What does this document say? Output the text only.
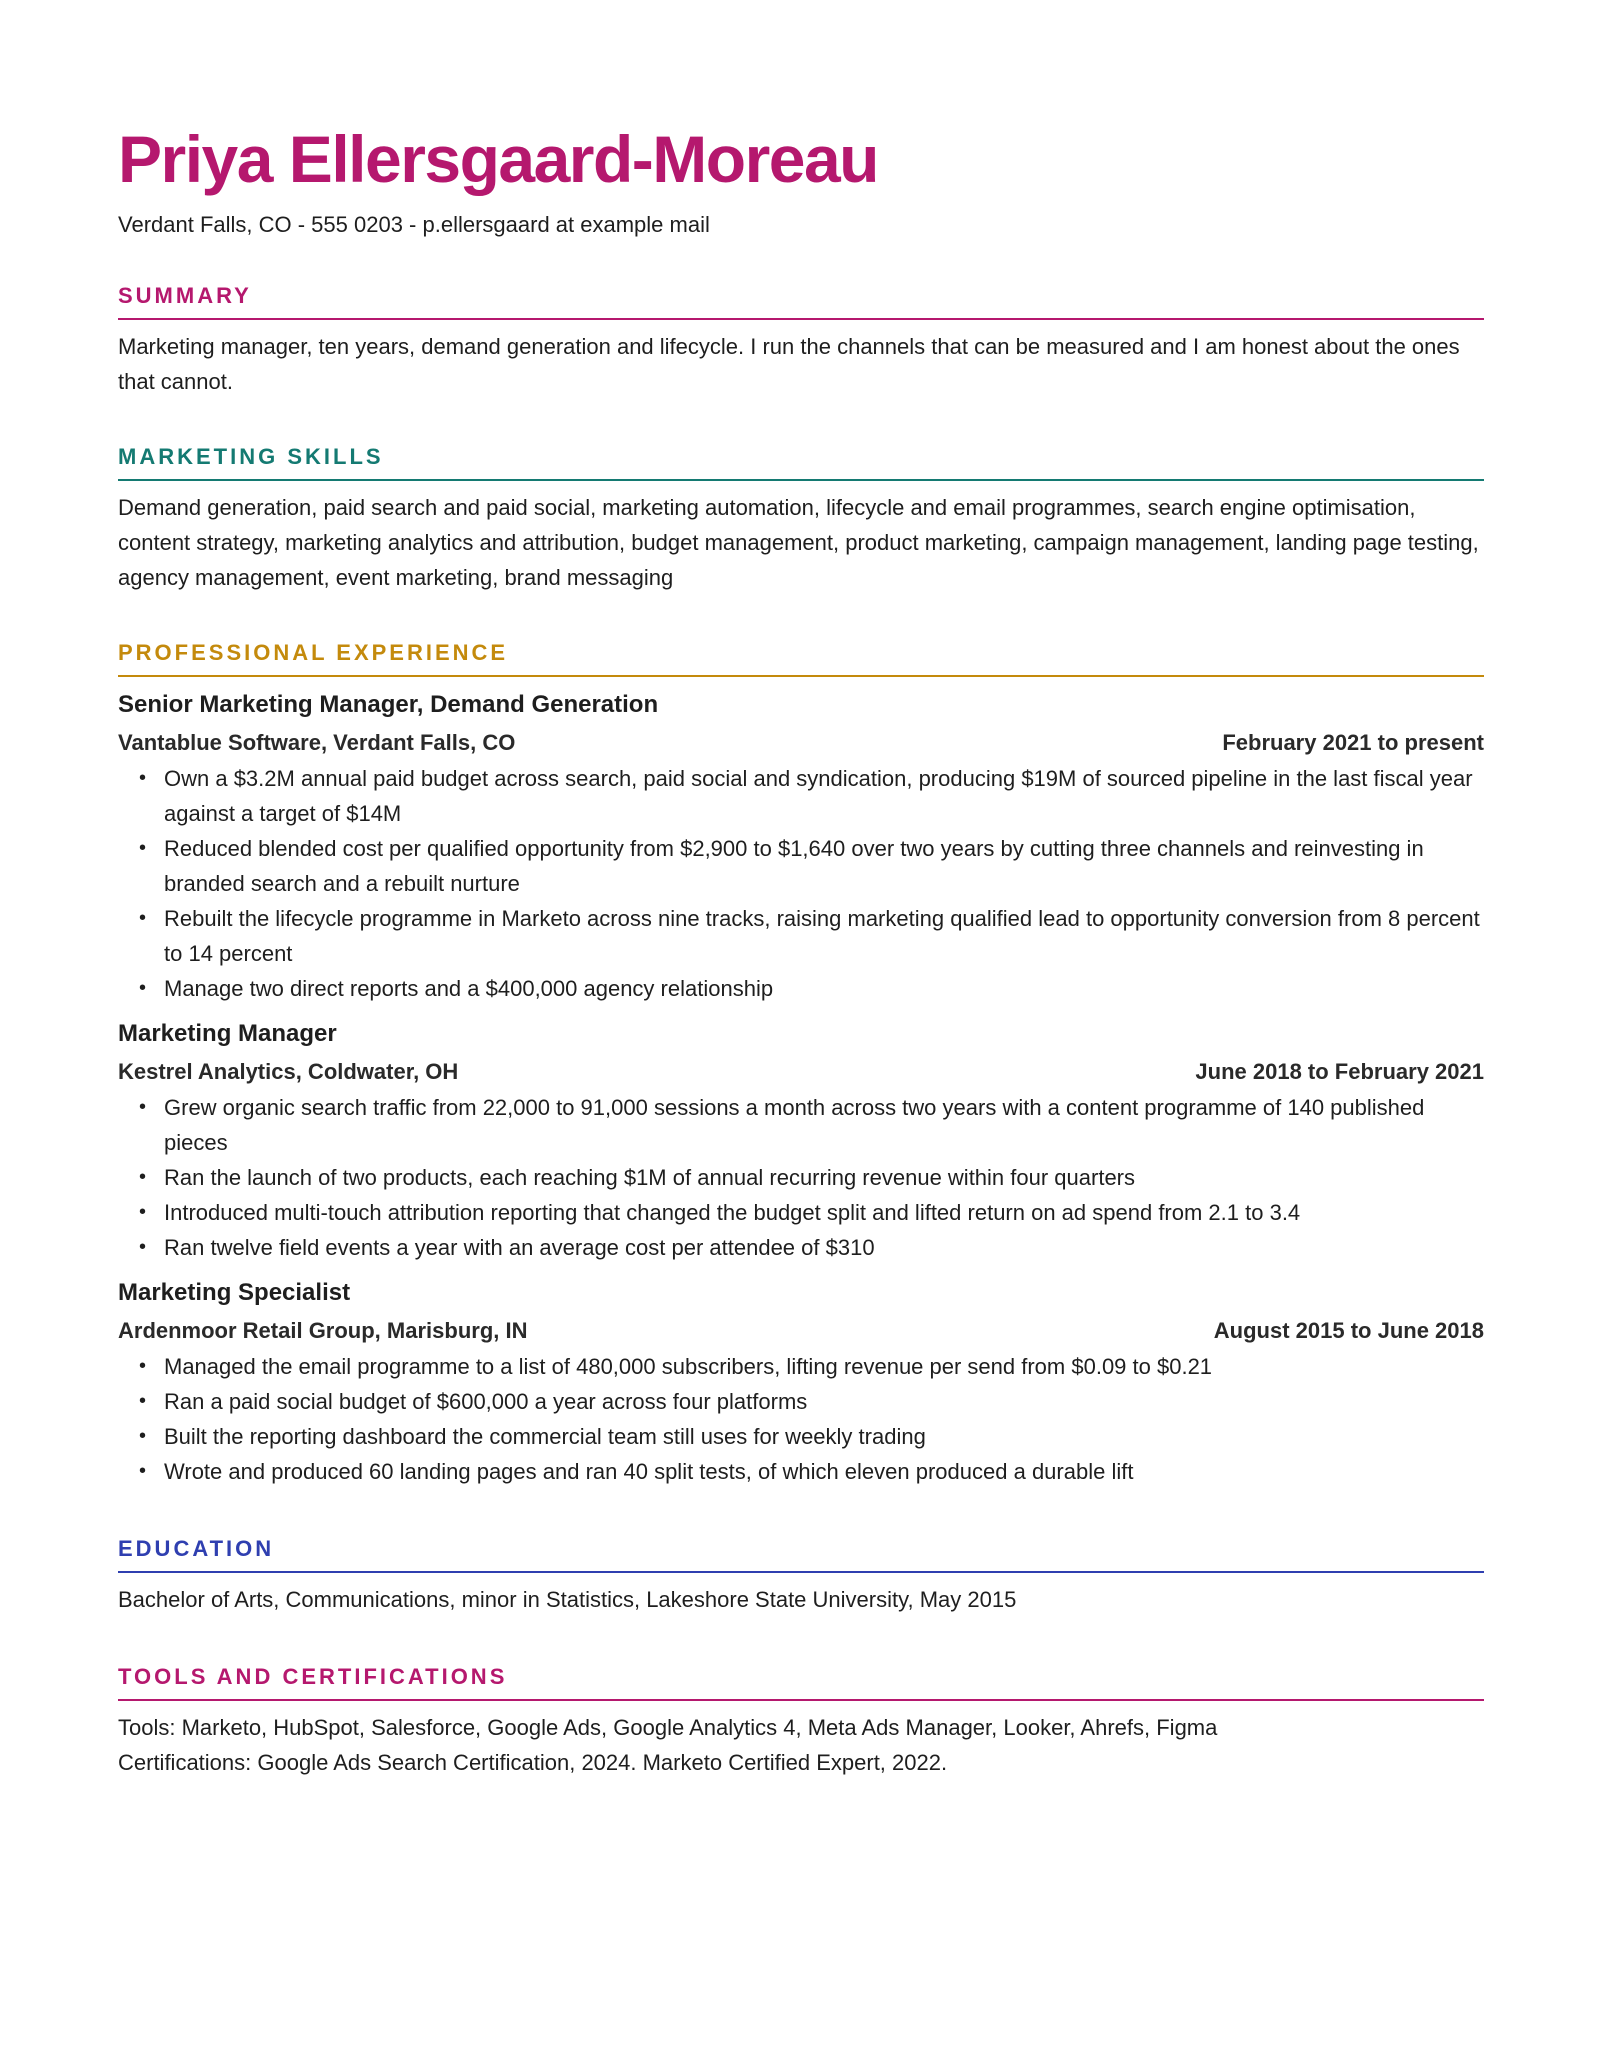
Priya Ellersgaard-Moreau
Verdant Falls, CO - 555 0203 - p.ellersgaard at example mail
SUMMARY
Marketing manager, ten years, demand generation and lifecycle. I run the channels that can be measured and I am honest about the ones that cannot.
MARKETING SKILLS
Demand generation, paid search and paid social, marketing automation, lifecycle and email programmes, search engine optimisation, content strategy, marketing analytics and attribution, budget management, product marketing, campaign management, landing page testing, agency management, event marketing, brand messaging
PROFESSIONAL EXPERIENCE
Senior Marketing Manager, Demand Generation
Vantablue Software, Verdant Falls, CO	February 2021 to present
• Own a $3.2M annual paid budget across search, paid social and syndication, producing $19M of sourced pipeline in the last fiscal year against a target of $14M
• Reduced blended cost per qualified opportunity from $2,900 to $1,640 over two years by cutting three channels and reinvesting in branded search and a rebuilt nurture
• Rebuilt the lifecycle programme in Marketo across nine tracks, raising marketing qualified lead to opportunity conversion from 8 percent to 14 percent
• Manage two direct reports and a $400,000 agency relationship
Marketing Manager
Kestrel Analytics, Coldwater, OH	June 2018 to February 2021
• Grew organic search traffic from 22,000 to 91,000 sessions a month across two years with a content programme of 140 published pieces
• Ran the launch of two products, each reaching $1M of annual recurring revenue within four quarters
• Introduced multi-touch attribution reporting that changed the budget split and lifted return on ad spend from 2.1 to 3.4
• Ran twelve field events a year with an average cost per attendee of $310
Marketing Specialist
Ardenmoor Retail Group, Marisburg, IN	August 2015 to June 2018
• Managed the email programme to a list of 480,000 subscribers, lifting revenue per send from $0.09 to $0.21
• Ran a paid social budget of $600,000 a year across four platforms
• Built the reporting dashboard the commercial team still uses for weekly trading
• Wrote and produced 60 landing pages and ran 40 split tests, of which eleven produced a durable lift
EDUCATION
Bachelor of Arts, Communications, minor in Statistics, Lakeshore State University, May 2015
TOOLS AND CERTIFICATIONS
Tools: Marketo, HubSpot, Salesforce, Google Ads, Google Analytics 4, Meta Ads Manager, Looker, Ahrefs, Figma
Certifications: Google Ads Search Certification, 2024. Marketo Certified Expert, 2022.
